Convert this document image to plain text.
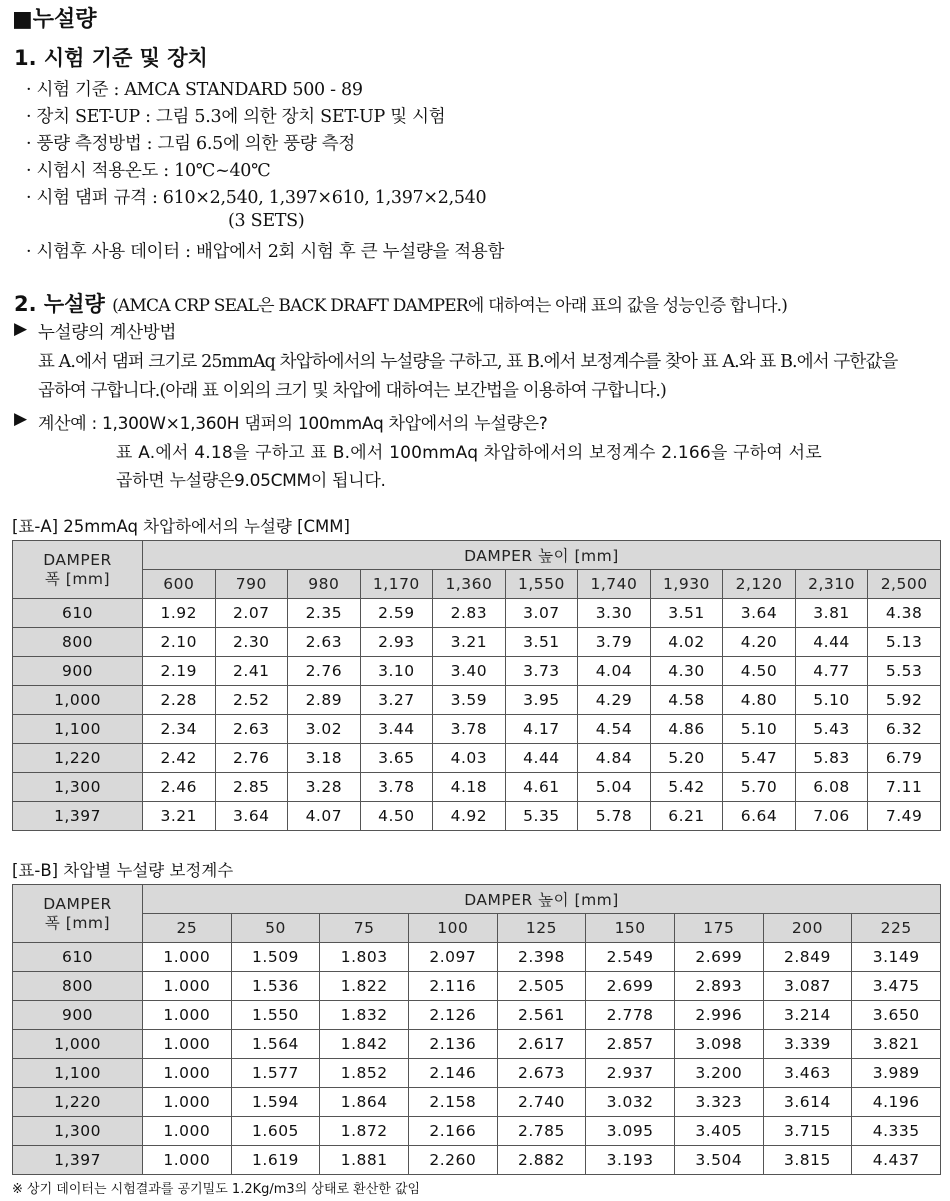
■누설량
1. 시험 기준 및 장치
· 시험 기준 : AMCA STANDARD 500 - 89
· 장치 SET-UP : 그림 5.3에 의한 장치 SET-UP 및 시험
· 풍량 측정방법 : 그림 6.5에 의한 풍량 측정
· 시험시 적용온도 : 10℃~40℃
· 시험 댐퍼 규격 : 610×2,540, 1,397×610, 1,397×2,540
(3 SETS)
· 시험후 사용 데이터 : 배압에서 2회 시험 후 큰 누설량을 적용함
2. 누설량 (AMCA CRP SEAL은 BACK DRAFT DAMPER에 대하여는 아래 표의 값을 성능인증 합니다.)
▶ 누설량의 계산방법
표 A.에서 댐퍼 크기로 25mmAq 차압하에서의 누설량을 구하고, 표 B.에서 보정계수를 찾아 표 A.와 표 B.에서 구한값을
곱하여 구합니다.(아래 표 이외의 크기 및 차압에 대하여는 보간법을 이용하여 구합니다.)
▶ 계산예 : 1,300W×1,360H 댐퍼의 100mmAq 차압에서의 누설량은?
표 A.에서 4.18을 구하고 표 B.에서 100mmAq 차압하에서의 보정계수 2.166을 구하여 서로
곱하면 누설량은9.05CMM이 됩니다.
[표-A] 25mmAq 차압하에서의 누설량 [CMM]
DAMPER
폭 [mm]	DAMPER 높이 [mm]										
	600	790	980	1,170	1,360	1,550	1,740	1,930	2,120	2,310	2,500
610	1.92	2.07	2.35	2.59	2.83	3.07	3.30	3.51	3.64	3.81	4.38
800	2.10	2.30	2.63	2.93	3.21	3.51	3.79	4.02	4.20	4.44	5.13
900	2.19	2.41	2.76	3.10	3.40	3.73	4.04	4.30	4.50	4.77	5.53
1,000	2.28	2.52	2.89	3.27	3.59	3.95	4.29	4.58	4.80	5.10	5.92
1,100	2.34	2.63	3.02	3.44	3.78	4.17	4.54	4.86	5.10	5.43	6.32
1,220	2.42	2.76	3.18	3.65	4.03	4.44	4.84	5.20	5.47	5.83	6.79
1,300	2.46	2.85	3.28	3.78	4.18	4.61	5.04	5.42	5.70	6.08	7.11
1,397	3.21	3.64	4.07	4.50	4.92	5.35	5.78	6.21	6.64	7.06	7.49
[표-B] 차압별 누설량 보정계수
DAMPER
폭 [mm]	DAMPER 높이 [mm]								
	25	50	75	100	125	150	175	200	225
610	1.000	1.509	1.803	2.097	2.398	2.549	2.699	2.849	3.149
800	1.000	1.536	1.822	2.116	2.505	2.699	2.893	3.087	3.475
900	1.000	1.550	1.832	2.126	2.561	2.778	2.996	3.214	3.650
1,000	1.000	1.564	1.842	2.136	2.617	2.857	3.098	3.339	3.821
1,100	1.000	1.577	1.852	2.146	2.673	2.937	3.200	3.463	3.989
1,220	1.000	1.594	1.864	2.158	2.740	3.032	3.323	3.614	4.196
1,300	1.000	1.605	1.872	2.166	2.785	3.095	3.405	3.715	4.335
1,397	1.000	1.619	1.881	2.260	2.882	3.193	3.504	3.815	4.437
※ 상기 데이터는 시험결과를 공기밀도 1.2Kg/m3의 상태로 환산한 값임
